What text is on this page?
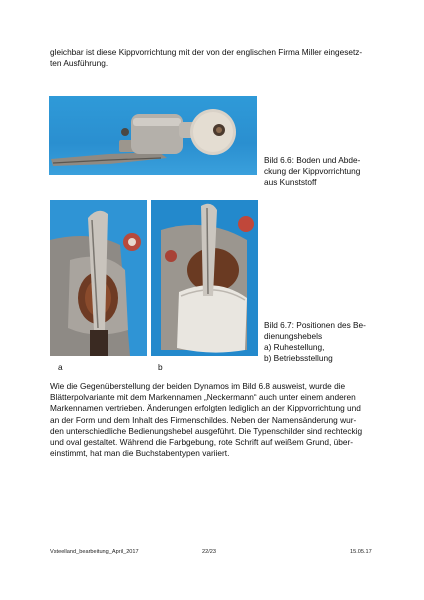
gleichbar ist diese Kippvorrichtung mit der von der englischen Firma Miller eingesetz-
ten Ausführung.

Bild 6.6: Boden und Abde-
ckung der Kippvorrichtung
aus Kunststoff

a	b

Bild 6.7: Positionen des Be-
dienungshebels
a) Ruhestellung,
b) Betriebsstellung

Wie die Gegenüberstellung der beiden Dynamos im Bild 6.8 ausweist, wurde die
Blätterpolvariante mit dem Markennamen „Neckermann“ auch unter einem anderen
Markennamen vertrieben. Änderungen erfolgten lediglich an der Kippvorrichtung und
an der Form und dem Inhalt des Firmenschildes. Neben der Namensänderung wur-
den unterschiedliche Bedienungshebel ausgeführt. Die Typenschilder sind rechteckig
und oval gestaltet. Während die Farbgebung, rote Schrift auf weißem Grund, über-
einstimmt, hat man die Buchstabentypen variiert.

Vsteelland_bearbeitung_April_2017	22/23	15.05.17
